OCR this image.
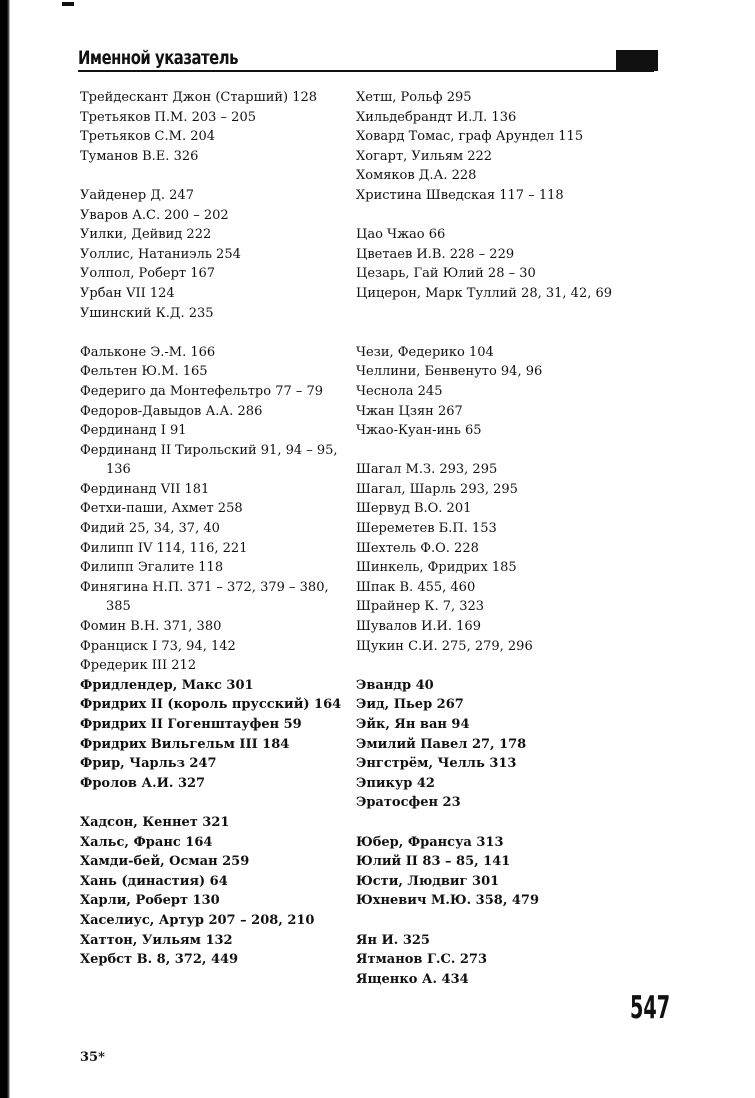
Именной указатель

Трейдескант Джон (Старший) 128

Третьяков П.М. 203 – 205

Третьяков С.М. 204

Туманов В.Е. 326

Уайденер Д. 247

Уваров А.С. 200 – 202

Уилки, Дейвид 222

Уоллис, Натаниэль 254

Уолпол, Роберт 167

Урбан VII 124

Ушинский К.Д. 235

Фальконе Э.-М. 166

Фельтен Ю.М. 165

Федериго да Монтефельтро 77 – 79

Федоров-Давыдов А.А. 286

Фердинанд I 91

Фердинанд II Тирольский 91, 94 – 95, 136

Фердинанд VII 181

Фетхи-паши, Ахмет 258

Фидий 25, 34, 37, 40

Филипп IV 114, 116, 221

Филипп Эгалите 118

Финягина Н.П. 371 – 372, 379 – 380, 385

Фомин В.Н. 371, 380

Франциск I 73, 94, 142

Фредерик III 212

Фридлендер, Макс 301

Фридрих II (король прусский) 164

Фридрих II Гогенштауфен 59

Фридрих Вильгельм III 184

Фрир, Чарльз 247

Фролов А.И. 327

Хадсон, Кеннет 321

Хальс, Франс 164

Хамди-бей, Осман 259

Хань (династия) 64

Харли, Роберт 130

Хаселиус, Артур 207 – 208, 210

Хаттон, Уильям 132

Хербст В. 8, 372, 449

Хетш, Рольф 295

Хильдебрандт И.Л. 136

Ховард Томас, граф Арундел 115

Хогарт, Уильям 222

Хомяков Д.А. 228

Христина Шведская 117 – 118

Цао Чжао 66

Цветаев И.В. 228 – 229

Цезарь, Гай Юлий 28 – 30

Цицерон, Марк Туллий 28, 31, 42, 69

Чези, Федерико 104

Челлини, Бенвенуто 94, 96

Чеснола 245

Чжан Цзян 267

Чжао-Куан-инь 65

Шагал М.З. 293, 295

Шагал, Шарль 293, 295

Шервуд В.О. 201

Шереметев Б.П. 153

Шехтель Ф.О. 228

Шинкель, Фридрих 185

Шпак В. 455, 460

Шрайнер К. 7, 323

Шувалов И.И. 169

Щукин С.И. 275, 279, 296

Эвандр 40

Эид, Пьер 267

Эйк, Ян ван 94

Эмилий Павел 27, 178

Энгстрём, Челль 313

Эпикур 42

Эратосфен 23

Юбер, Франсуа 313

Юлий II 83 – 85, 141

Юсти, Людвиг 301

Юхневич М.Ю. 358, 479

Ян И. 325

Ятманов Г.С. 273

Ященко А. 434

547
35*
